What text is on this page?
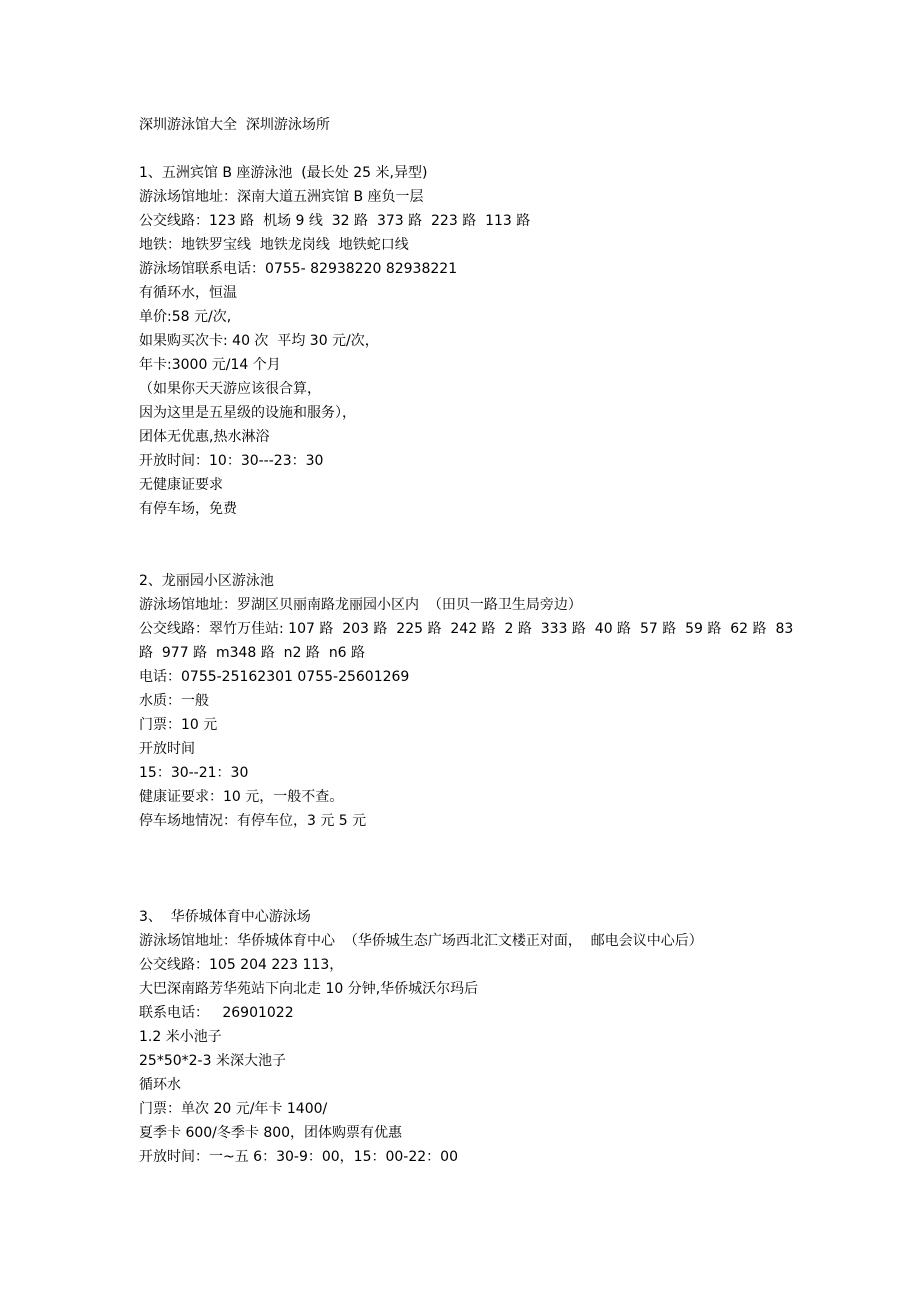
深圳游泳馆大全  深圳游泳场所
1、五洲宾馆 B 座游泳池  (最长处 25 米,异型)
游泳场馆地址：深南大道五洲宾馆 B 座负一层
公交线路：123 路  机场 9 线  32 路  373 路  223 路  113 路
地铁：地铁罗宝线  地铁龙岗线  地铁蛇口线
游泳场馆联系电话：0755- 82938220 82938221
有循环水，恒温
单价:58 元/次,
如果购买次卡: 40 次  平均 30 元/次，
年卡:3000 元/14 个月
（如果你天天游应该很合算，
因为这里是五星级的设施和服务），
团体无优惠,热水淋浴
开放时间：10：30---23：30
无健康证要求
有停车场，免费
2、龙丽园小区游泳池
游泳场馆地址：罗湖区贝丽南路龙丽园小区内  （田贝一路卫生局旁边）
公交线路：翠竹万佳站: 107 路  203 路  225 路  242 路  2 路  333 路  40 路  57 路  59 路  62 路  83
路  977 路  m348 路  n2 路  n6 路
电话：0755-25162301 0755-25601269
水质：一般
门票：10 元
开放时间
15：30--21：30
健康证要求：10 元，一般不查。
停车场地情况：有停车位，3 元 5 元
3、  华侨城体育中心游泳场
游泳场馆地址：华侨城体育中心  （华侨城生态广场西北汇文楼正对面，  邮电会议中心后）
公交线路：105 204 223 113，
大巴深南路芳华苑站下向北走 10 分钟,华侨城沃尔玛后
联系电话：   26901022
1.2 米小池子
25*50*2-3 米深大池子
循环水
门票：单次 20 元/年卡 1400/
夏季卡 600/冬季卡 800，团体购票有优惠
开放时间：一~五 6：30-9：00，15：00-22：00
